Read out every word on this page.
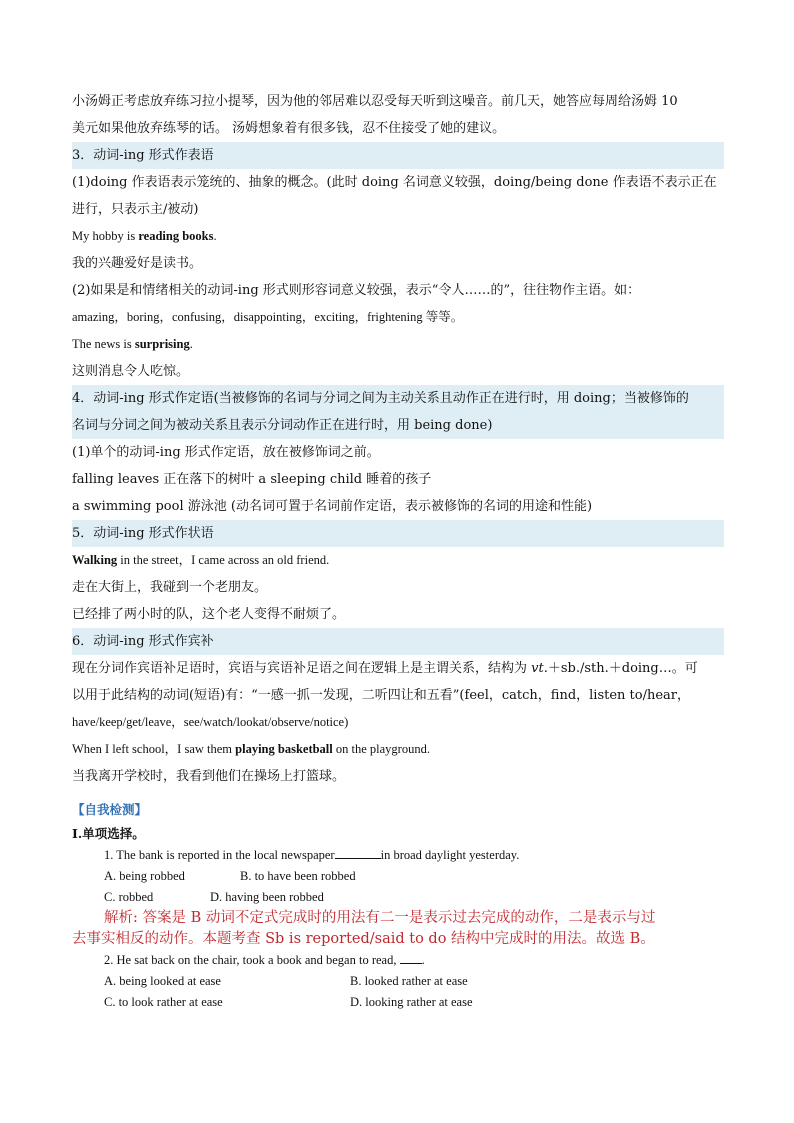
小汤姆正考虑放弃练习拉小提琴，因为他的邻居难以忍受每天听到这噪音。前几天，她答应每周给汤姆 10

美元如果他放弃练琴的话。 汤姆想象着有很多钱，忍不住接受了她的建议。

3．动词-ing 形式作表语

(1)doing 作表语表示笼统的、抽象的概念。(此时 doing 名词意义较强，doing/being done 作表语不表示正在

进行，只表示主/被动)

My hobby is reading books.

我的兴趣爱好是读书。

(2)如果是和情绪相关的动词-ing 形式则形容词意义较强，表示“令人……的”，往往物作主语。如：

amazing，boring，confusing，disappointing，exciting，frightening 等等。

The news is surprising.

这则消息令人吃惊。

4．动词-ing 形式作定语(当被修饰的名词与分词之间为主动关系且动作正在进行时，用 doing；当被修饰的

名词与分词之间为被动关系且表示分词动作正在进行时，用 being done)

(1)单个的动词-ing 形式作定语，放在被修饰词之前。

falling leaves 正在落下的树叶 a sleeping child 睡着的孩子

a swimming pool 游泳池 (动名词可置于名词前作定语，表示被修饰的名词的用途和性能)

5．动词-ing 形式作状语

Walking in the street，I came across an old friend.

走在大街上，我碰到一个老朋友。

已经排了两小时的队，这个老人变得不耐烦了。

6．动词-ing 形式作宾补

现在分词作宾语补足语时，宾语与宾语补足语之间在逻辑上是主谓关系，结构为 vt.＋sb./sth.＋doing…。可

以用于此结构的动词(短语)有：“一感一抓一发现，二听四让和五看”(feel，catch，find，listen to/hear，

have/keep/get/leave，see/watch/lookat/observe/notice)

When I left school，I saw them playing basketball on the playground.

当我离开学校时，我看到他们在操场上打篮球。

【自我检测】

I.单项选择。

1. The bank is reported in the local newspaper	in broad daylight yesterday.

A. being robbed	B. to have been robbed

C. robbed	D. having been robbed

解析: 答案是 B 动词不定式完成时的用法有二一是表示过去完成的动作，二是表示与过
去事实相反的动作。本题考查 Sb is reported/said to do 结构中完成时的用法。故选 B。

2. He sat back on the chair, took a book and began to read, .

A. being looked at ease	B. looked rather at ease

C. to look rather at ease	D. looking rather at ease
